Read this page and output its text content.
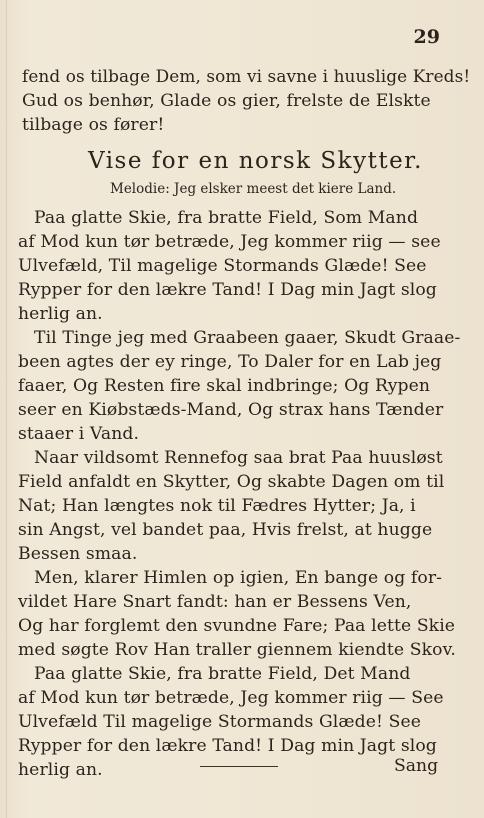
29
fend os tilbage Dem, som vi savne i huuslige Kreds!
Gud os benhør, Glade os gier, frelste de Elskte
tilbage os fører!
Vise for en norsk Skytter.
Melodie: Jeg elsker meest det kiere Land.
Paa glatte Skie, fra bratte Field, Som Mand
af Mod kun tør betræde, Jeg kommer riig — see
Ulvefæld, Til magelige Stormands Glæde! See
Rypper for den lækre Tand! I Dag min Jagt slog
herlig an.
Til Tinge jeg med Graabeen gaaer, Skudt Graae-
been agtes der ey ringe, To Daler for en Lab jeg
faaer, Og Resten fire skal indbringe; Og Rypen
seer en Kiøbstæds-Mand, Og strax hans Tænder
staaer i Vand.
Naar vildsomt Rennefog saa brat Paa huusløst
Field anfaldt en Skytter, Og skabte Dagen om til
Nat; Han længtes nok til Fædres Hytter; Ja, i
sin Angst, vel bandet paa, Hvis frelst, at hugge
Bessen smaa.
Men, klarer Himlen op igien, En bange og for-
vildet Hare Snart fandt: han er Bessens Ven,
Og har forglemt den svundne Fare; Paa lette Skie
med søgte Rov Han traller giennem kiendte Skov.
Paa glatte Skie, fra bratte Field, Det Mand
af Mod kun tør betræde, Jeg kommer riig — See
Ulvefæld Til magelige Stormands Glæde! See
Rypper for den lækre Tand! I Dag min Jagt slog
herlig an.	Sang
